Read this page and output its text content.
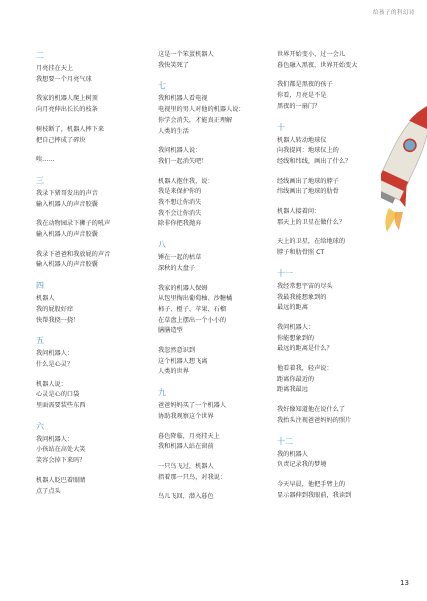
给孩子的科幻诗
二
月亮挂在天上
我想要一个月亮气球
我家的机器人爬上树顶
向月亮伸出长长的枝条
树枝断了，机器人摔下来
把自己摔成了碎块
唉……
三
我录下猪哥发出的声音
输入机器人的声音胶囊
我在动物园录下狮子的吼声
输入机器人的声音胶囊
我录下爸爸和我放屁的声音
输入机器人的声音胶囊
四
机器人
我的屁股好痒
快帮我挠一挠！
五
我问机器人：
什么是心灵？
机器人说：
心灵是心的口袋
里面需要装些东西
六
我问机器人：
小孩站在高处大笑
笑容会掉下来吗？
机器人眨巴着眼睛
点了点头
这是一个笨蛋机器人
我快笑死了
七
我和机器人看电视
电视里的男人对他的机器人说：
你学会消失，才能真正理解
人类的生活
我问机器人说：
我们一起消失吧！
机器人抱住我，说：
我是来保护你的
我不想让你消失
我不会让你消失
除非你把我抛弃
八
锤在一起的枯草
深秋的大盘子
我家的机器人保姆
从包里掏出葡萄柚、沙糖橘
柿子、橙子、苹果、石榴
在草盘上摆出一个小小的
膳膳造型
我忽然意识到
这个机器人想飞离
人类的世界
九
爸爸妈妈买了一个机器人
协助我观察这个世界
暮色降临，月亮挂天上
我和机器人站在窗前
一只鸟飞过，机器人
指着那一只鸟，对我说：
鸟儿飞回，潜入暮色
世界开始变小，过一会儿
暮色融入黑夜，世界开始变大
我们都是黑夜的孩子
你看，月亮是不是
黑夜的一扇门？
十
机器人转动地球仪
向我提问：地球仪上的
经线和纬线，画出了什么？
经线画出了地球的脖子
纬线画出了地球的肋骨
机器人接着问：
那天上的卫星在做什么？
天上的卫星，在给地球的
脖子和肋骨照 CT
十一
我经常想宇宙的尽头
我最我能想象到的
最远的距离
我问机器人：
你能想象到的
最远的距离是什么？
他看着我，轻声说：
距离你最近的
距离我最远
我好像知道他在说什么了
我抬头注视爸爸妈妈的照片
十二
我的机器人
负责记录我的梦境
今天早晨，他把手臂上的
显示器伸到我眼前，我读到
13
